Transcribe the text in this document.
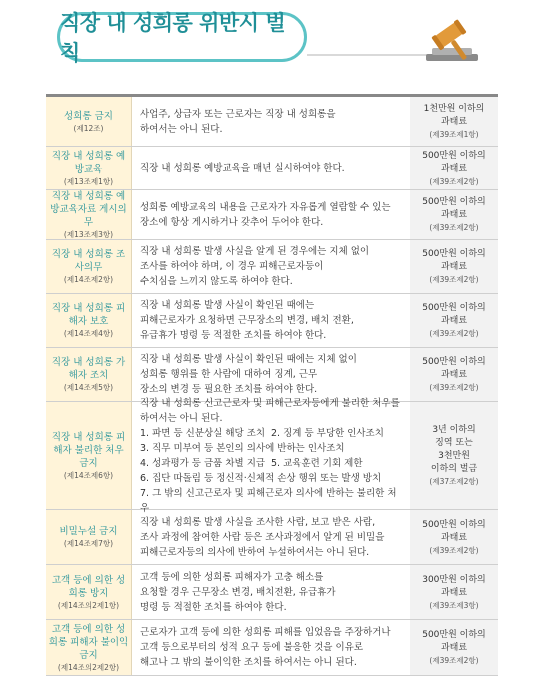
직장 내 성희롱 위반시 벌칙
성희롱 금지
(제12조)
사업주, 상급자 또는 근로자는 직장 내 성희롱을
하여서는 아니 된다.
1천만원 이하의
과태료
(제39조제1항)
직장 내 성희롱 예방교육
(제13조제1항)
직장 내 성희롱 예방교육을 매년 실시하여야 한다.
500만원 이하의
과태료
(제39조제2항)
직장 내 성희롱 예방교육자료 게시의무
(제13조제3항)
성희롱 예방교육의 내용을 근로자가 자유롭게 열람할 수 있는
장소에 항상 게시하거나 갖추어 두어야 한다.
500만원 이하의
과태료
(제39조제2항)
직장 내 성희롱 조사의무
(제14조제2항)
직장 내 성희롱 발생 사실을 알게 된 경우에는 지체 없이
조사를 하여야 하며, 이 경우 피해근로자등이
수치심을 느끼지 않도록 하여야 한다.
500만원 이하의
과태료
(제39조제2항)
직장 내 성희롱 피해자 보호
(제14조제4항)
직장 내 성희롱 발생 사실이 확인된 때에는
피해근로자가 요청하면 근무장소의 변경, 배치 전환,
유급휴가 명령 등 적절한 조치를 하여야 한다.
500만원 이하의
과태료
(제39조제2항)
직장 내 성희롱 가해자 조치
(제14조제5항)
직장 내 성희롱 발생 사실이 확인된 때에는 지체 없이
성희롱 행위를 한 사람에 대하여 징계, 근무
장소의 변경 등 필요한 조치를 하여야 한다.
500만원 이하의
과태료
(제39조제2항)
직장 내 성희롱 피해자 불리한 처우 금지
(제14조제6항)
직장 내 성희롱 신고근로자 및 피해근로자등에게 불리한 처우를
하여서는 아니 된다.
1. 파면 등 신분상실 해당 조치 2. 징계 등 부당한 인사조치
3. 직무 미부여 등 본인의 의사에 반하는 인사조치
4. 성과평가 등 금품 차별 지급 5. 교육훈련 기회 제한
6. 집단 따돌림 등 정신적·신체적 손상 행위 또는 발생 방치
7. 그 밖의 신고근로자 및 피해근로자 의사에 반하는 불리한 처우
3년 이하의
징역 또는
3천만원
이하의 벌금
(제37조제2항)
비밀누설 금지
(제14조제7항)
직장 내 성희롱 발생 사실을 조사한 사람, 보고 받은 사람,
조사 과정에 참여한 사람 등은 조사과정에서 알게 된 비밀을
피해근로자등의 의사에 반하여 누설하여서는 아니 된다.
500만원 이하의
과태료
(제39조제2항)
고객 등에 의한 성희롱 방지
(제14조의2제1항)
고객 등에 의한 성희롱 피해자가 고충 해소를
요청할 경우 근무장소 변경, 배치전환, 유급휴가
명령 등 적절한 조치를 하여야 한다.
300만원 이하의
과태료
(제39조제3항)
고객 등에 의한 성희롱 피해자 불이익 금지
(제14조의2제2항)
근로자가 고객 등에 의한 성희롱 피해를 입었음을 주장하거나
고객 등으로부터의 성적 요구 등에 불응한 것을 이유로
해고나 그 밖의 불이익한 조치를 하여서는 아니 된다.
500만원 이하의
과태료
(제39조제2항)
